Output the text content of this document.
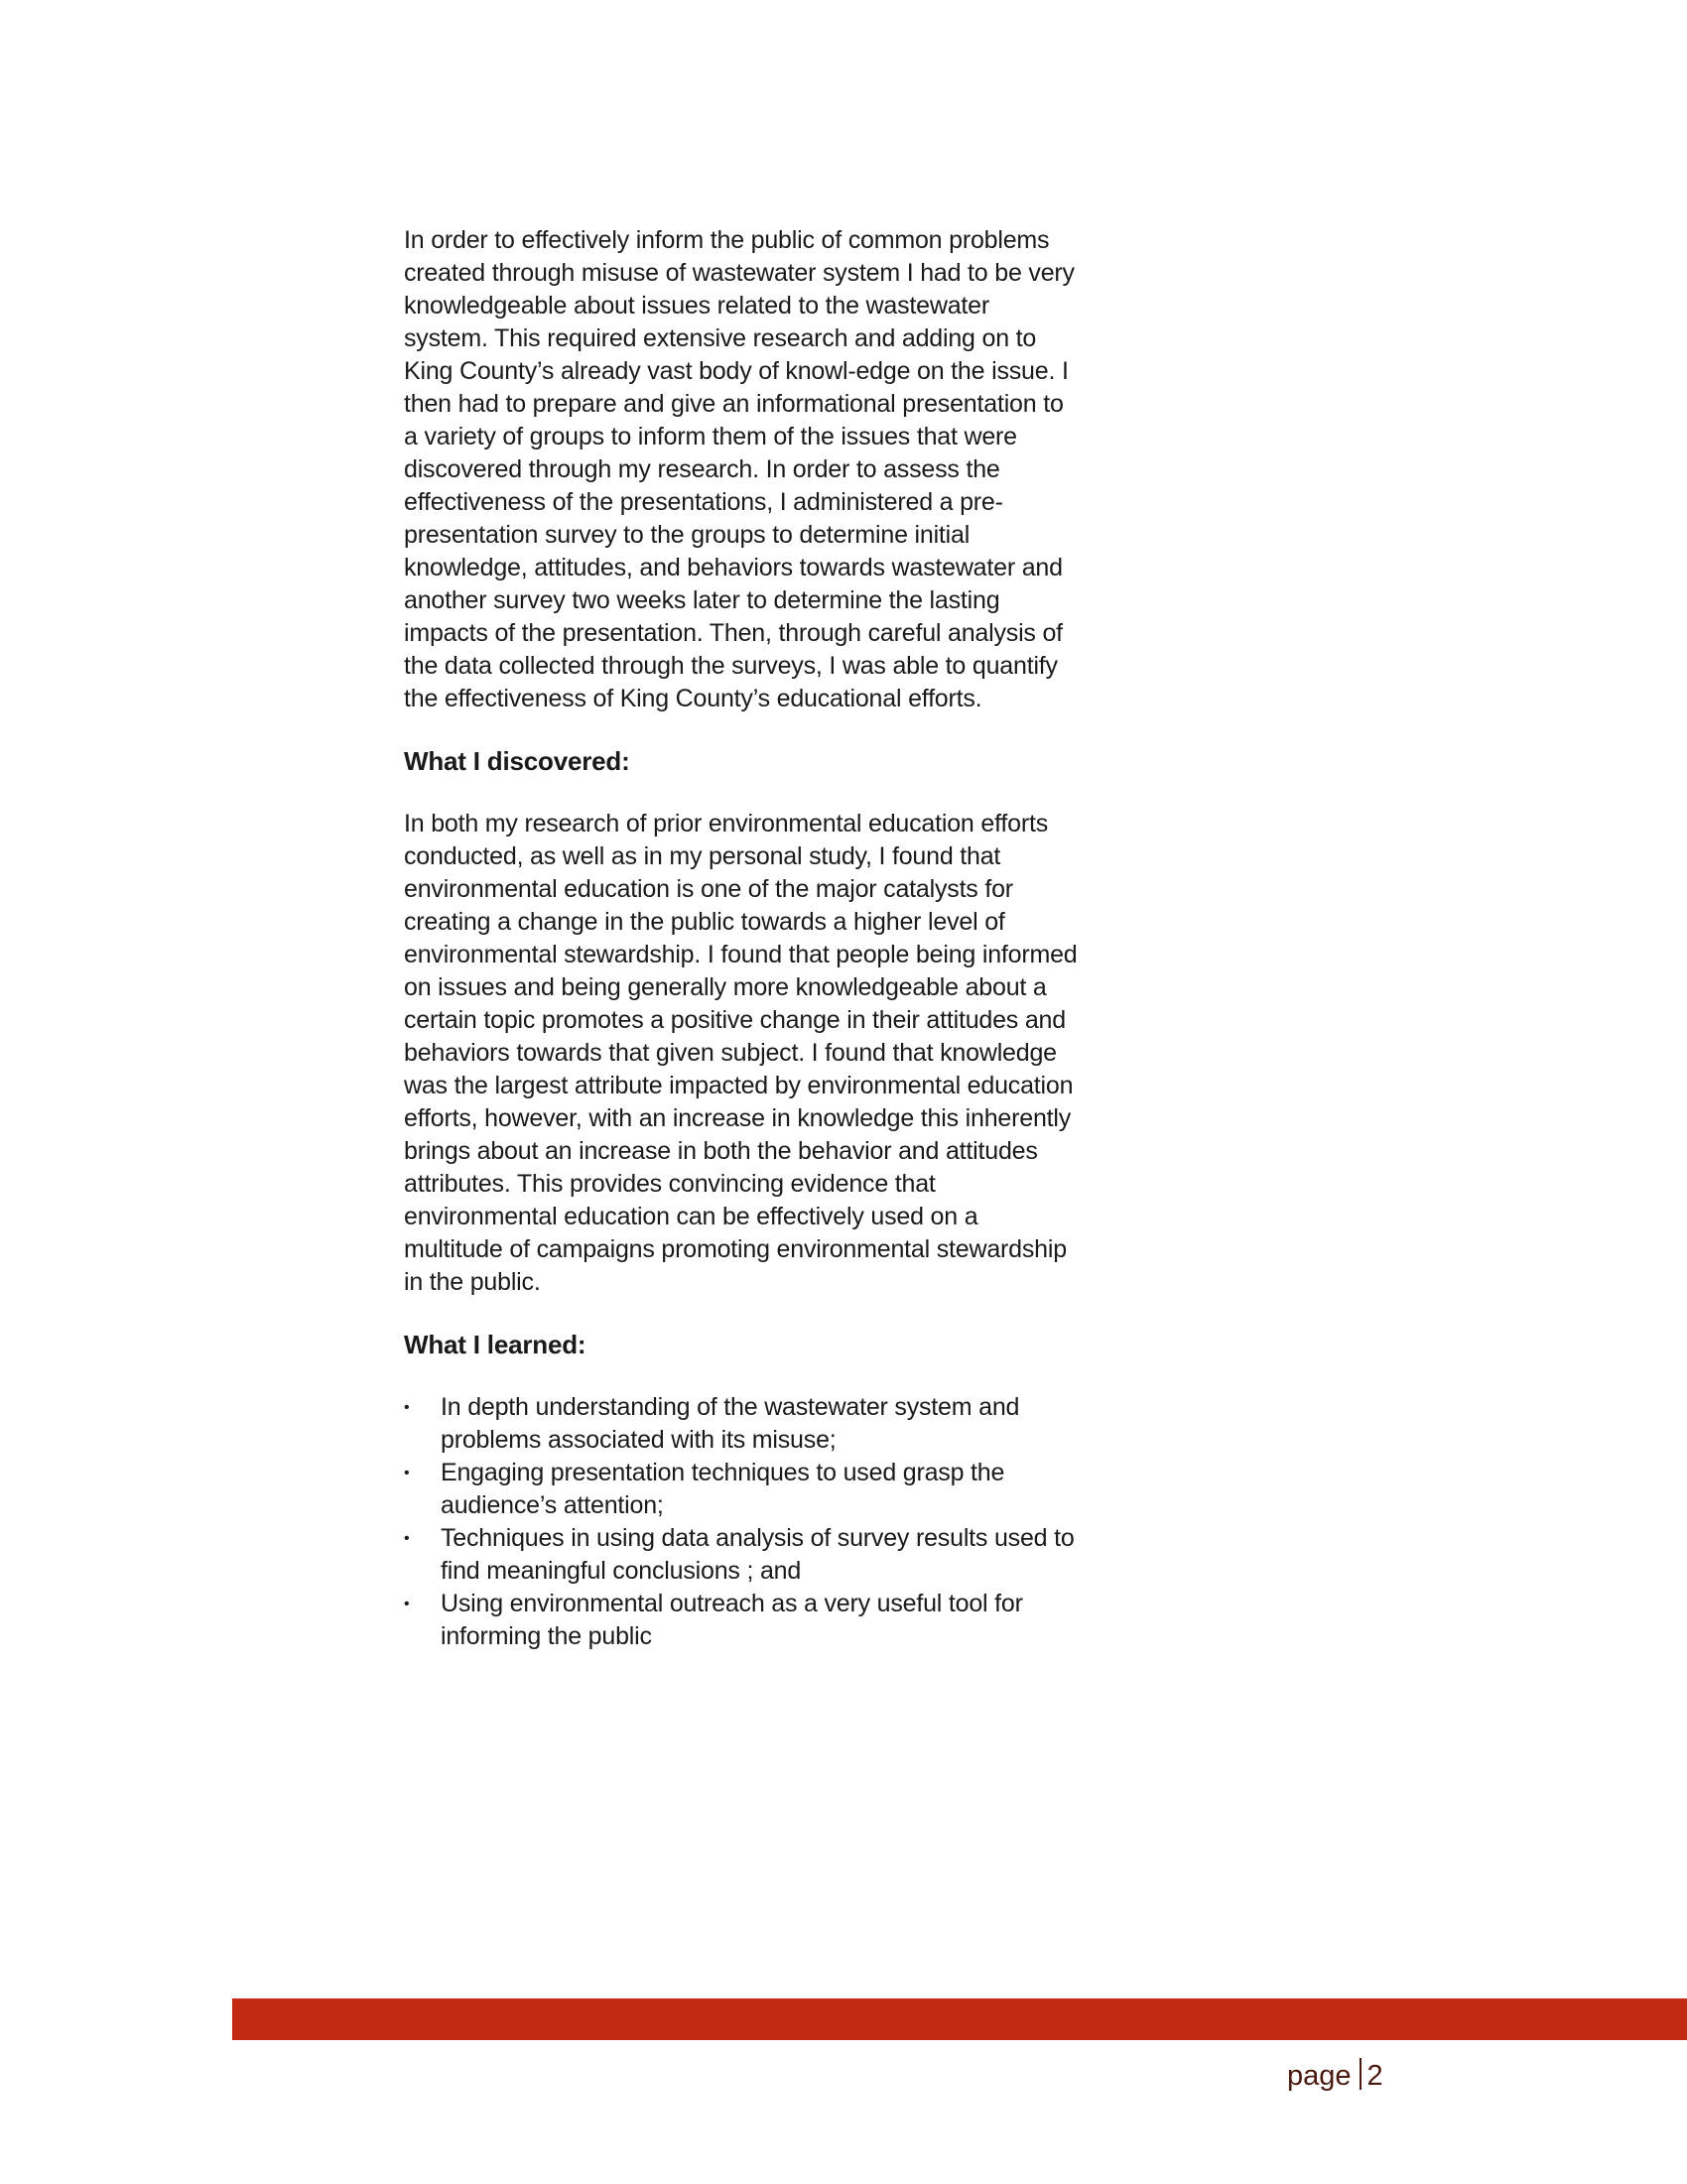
In order to effectively inform the public of common problems created through misuse of wastewater system I had to be very knowledgeable about issues related to the wastewater system. This required extensive research and adding on to King County’s already vast body of knowl-edge on the issue. I then had to prepare and give an informational presentation to a variety of groups to inform them of the issues that were discovered through my research. In order to assess the effectiveness of the presentations, I administered a pre-presentation survey to the groups to determine initial knowledge, attitudes, and behaviors towards wastewater and another survey two weeks later to determine the lasting impacts of the presentation. Then, through careful analysis of the data collected through the surveys, I was able to quantify the effectiveness of King County’s educational efforts.

What I discovered:

In both my research of prior environmental education efforts conducted, as well as in my personal study, I found that environmental education is one of the major catalysts for creating a change in the public towards a higher level of environmental stewardship. I found that people being informed on issues and being generally more knowledgeable about a certain topic promotes a positive change in their attitudes and behaviors towards that given subject. I found that knowledge was the largest attribute impacted by environmental education efforts, however, with an increase in knowledge this inherently brings about an increase in both the behavior and attitudes attributes. This provides convincing evidence that environmental education can be effectively used on a multitude of campaigns promoting environmental stewardship in the public.

What I learned:
• In depth understanding of the wastewater system and problems associated with its misuse;
• Engaging presentation techniques to used grasp the audience’s attention;
• Techniques in using data analysis of survey results used to find meaningful conclusions ; and
• Using environmental outreach as a very useful tool for informing the public
page 2
